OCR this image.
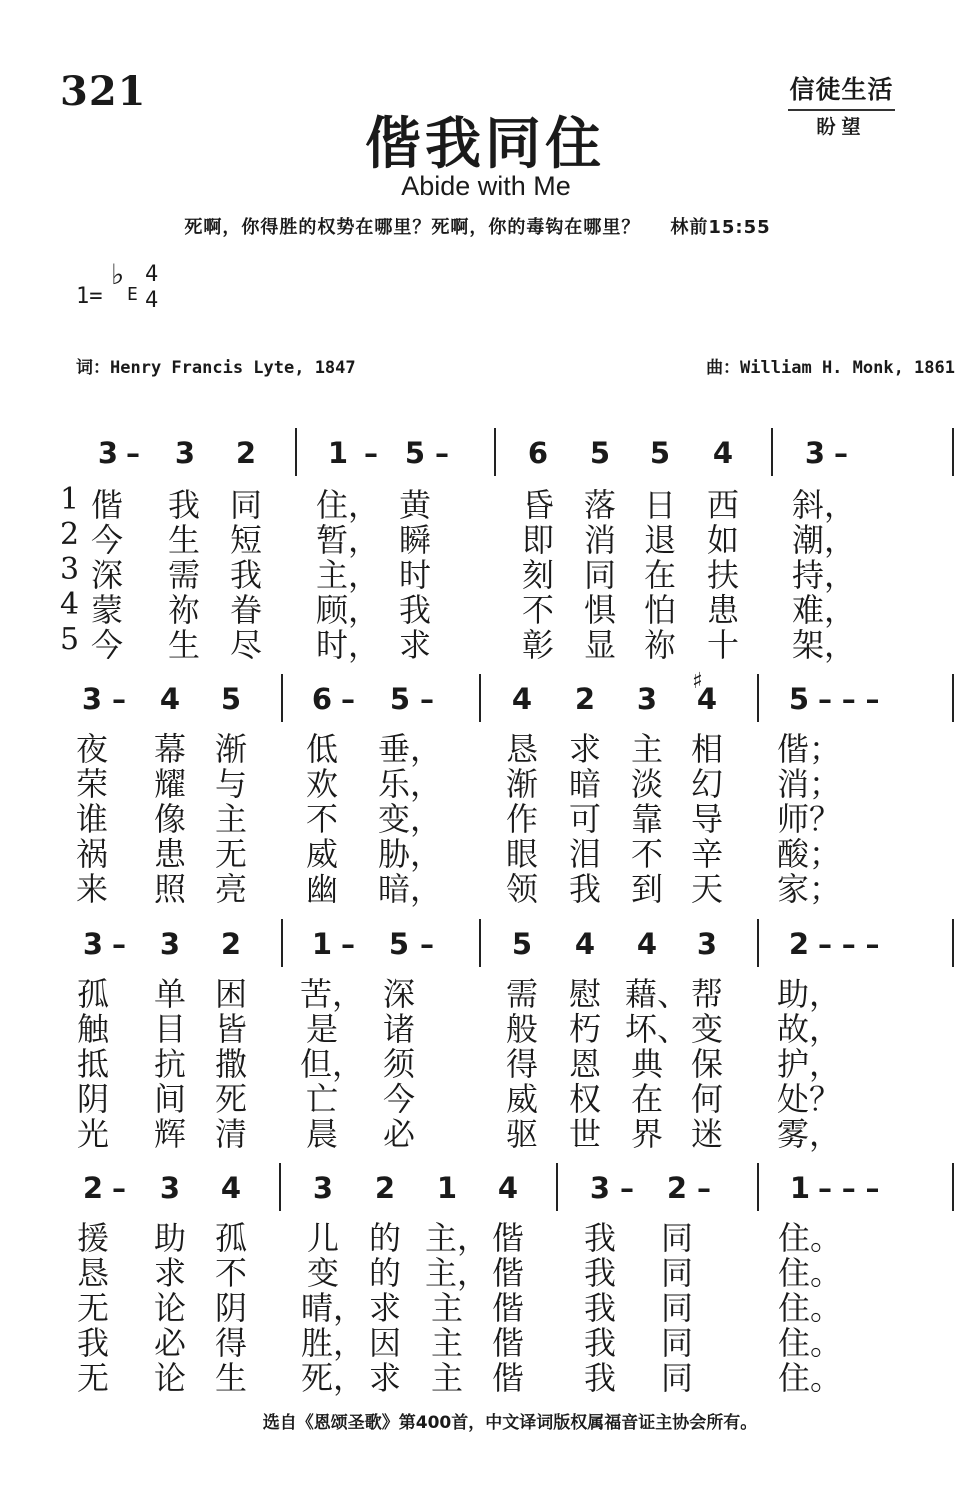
321	信徒生活
盼望
偕我同住
Abide with Me
死啊，你得胜的权势在哪里？死啊，你的毒钩在哪里？ 林前15:55
1=
♭
E
4
4
词：Henry Francis Lyte, 1847	曲：William H. Monk, 1861
3 3 2 1 5	6 5 5 4 3
–	– –	–
1 偕 我 同 住， 黄	昏 落 日 西 斜，
2 今 生 短 暂， 瞬	即 消 退 如 潮，
3 深 需 我 主， 时	刻 同 在 扶 持，
4 蒙 祢 眷 顾， 我	不 惧 怕 患 难，
5 今 生 尽 时， 求	彰 显 祢 十 架，
3 4 5 6 5	4 2 3 4 5
–	– –	– – –
♯
夜 幕 渐 低 垂， 恳 求 主 相 偕；
荣 耀 与 欢 乐， 渐 暗 淡 幻 消；
谁 像 主 不 变， 作 可 靠 导 师？
祸 患 无 威 胁， 眼 泪 不 辛 酸；
来 照 亮 幽 暗， 领 我 到 天 家；
3 3 2 1 5	5 4 4 3 2
–	– –	– – –
孤 单 困 苦， 深	需 慰 藉、 帮 助，
触 目 皆 是 诸	般 朽 坏、 变 故，
抵 抗 撒 但， 须	得 恩 典 保 护，
阴 间 死 亡 今	威 权 在 何 处？
光 辉 清 晨 必	驱 世 界 迷 雾，
2 3 4 3 2 1 4 3 2	1
–	– –	– – –
援 助 孤 儿 的 主， 偕 我 同	住。
恳 求 不 变 的 主， 偕 我 同	住。
无 论 阴 晴， 求 主 偕 我 同	住。
我 必 得 胜， 因 主 偕 我 同	住。
无 论 生 死， 求 主 偕 我 同	住。
选自《恩颂圣歌》第400首，中文译词版权属福音证主协会所有。
